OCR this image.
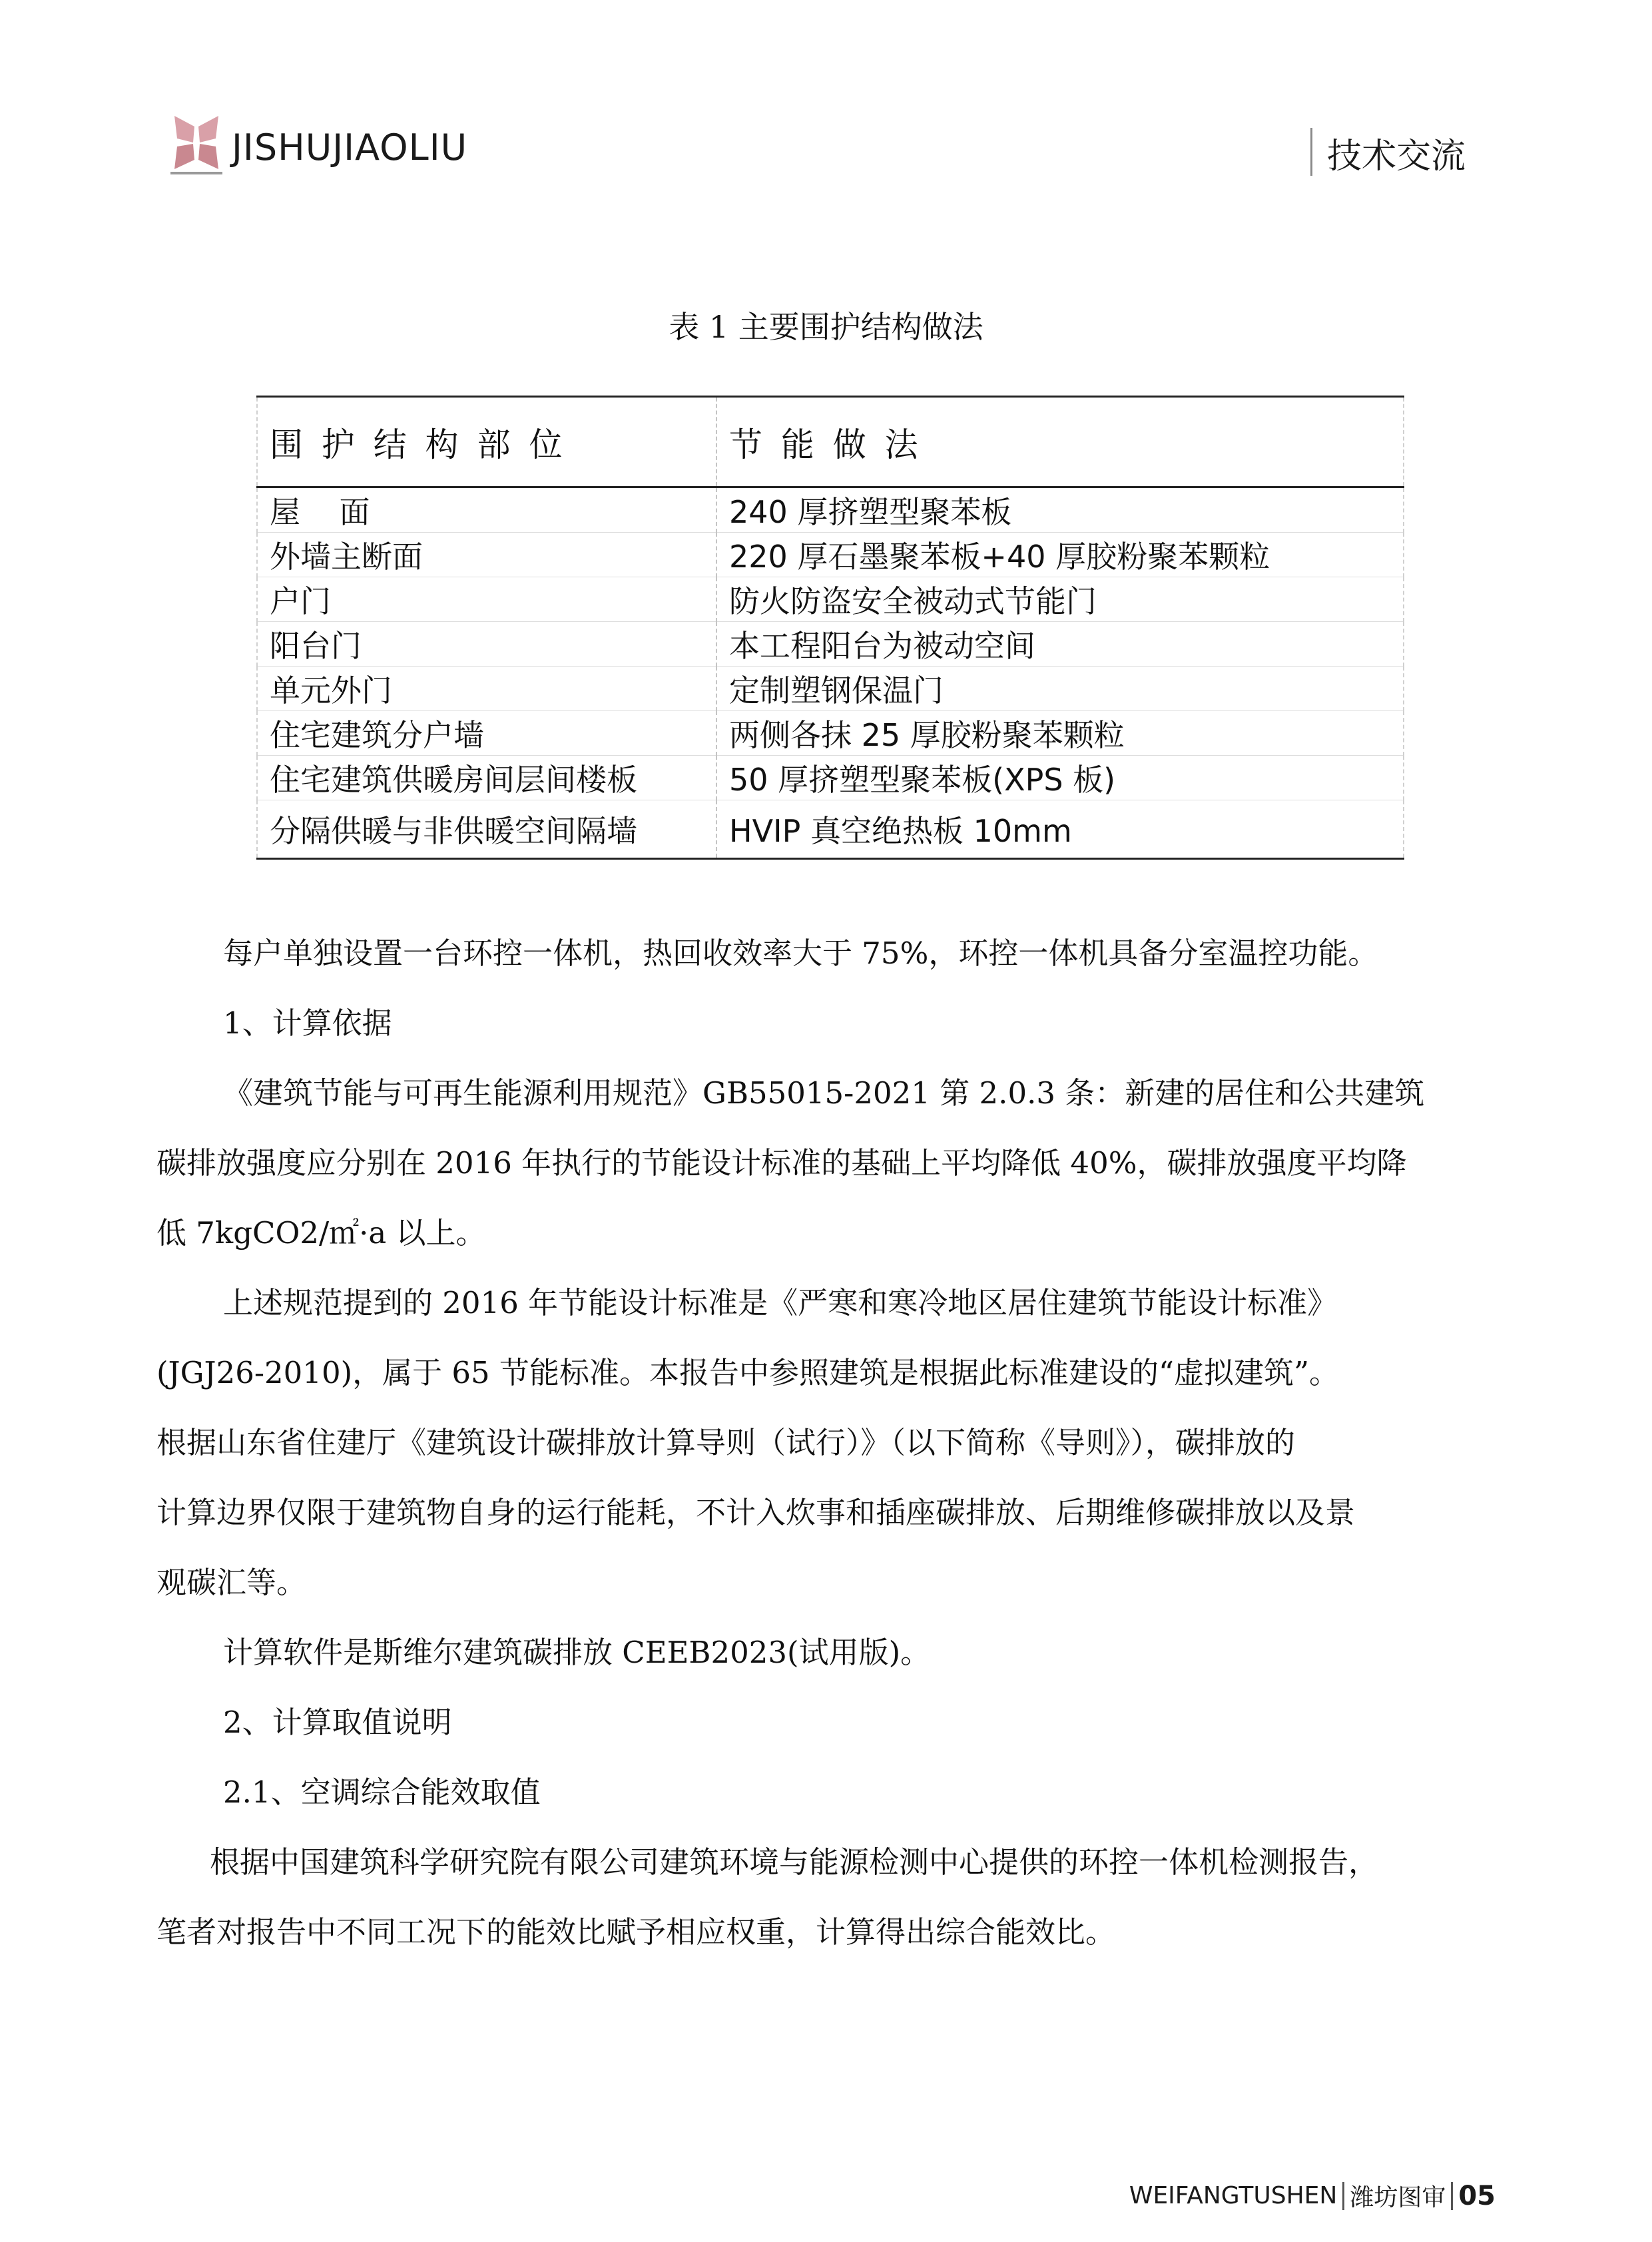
JISHUJIAOLIU	技术交流
表 1 主要围护结构做法
围 护 结 构 部 位	节 能 做 法
屋    面	240 厚挤塑型聚苯板
外墙主断面	220 厚石墨聚苯板+40 厚胶粉聚苯颗粒
户门	防火防盗安全被动式节能门
阳台门	本工程阳台为被动空间
单元外门	定制塑钢保温门
住宅建筑分户墙	两侧各抹 25 厚胶粉聚苯颗粒
住宅建筑供暖房间层间楼板	50 厚挤塑型聚苯板(XPS 板)
分隔供暖与非供暖空间隔墙	HVIP 真空绝热板 10mm
每户单独设置一台环控一体机，热回收效率大于 75%，环控一体机具备分室温控功能。
1、计算依据
《建筑节能与可再生能源利用规范》GB55015-2021 第 2.0.3 条：新建的居住和公共建筑
碳排放强度应分别在 2016 年执行的节能设计标准的基础上平均降低 40%，碳排放强度平均降
低 7kgCO2/㎡·a 以上。
上述规范提到的 2016 年节能设计标准是《严寒和寒冷地区居住建筑节能设计标准》
(JGJ26-2010)，属于 65 节能标准。本报告中参照建筑是根据此标准建设的“虚拟建筑”。
根据山东省住建厅《建筑设计碳排放计算导则（试行）》（以下简称《导则》），碳排放的
计算边界仅限于建筑物自身的运行能耗，不计入炊事和插座碳排放、后期维修碳排放以及景
观碳汇等。
计算软件是斯维尔建筑碳排放 CEEB2023(试用版)。
2、计算取值说明
2.1、空调综合能效取值
根据中国建筑科学研究院有限公司建筑环境与能源检测中心提供的环控一体机检测报告，
笔者对报告中不同工况下的能效比赋予相应权重，计算得出综合能效比。
WEIFANGTUSHEN 潍坊图审 05
